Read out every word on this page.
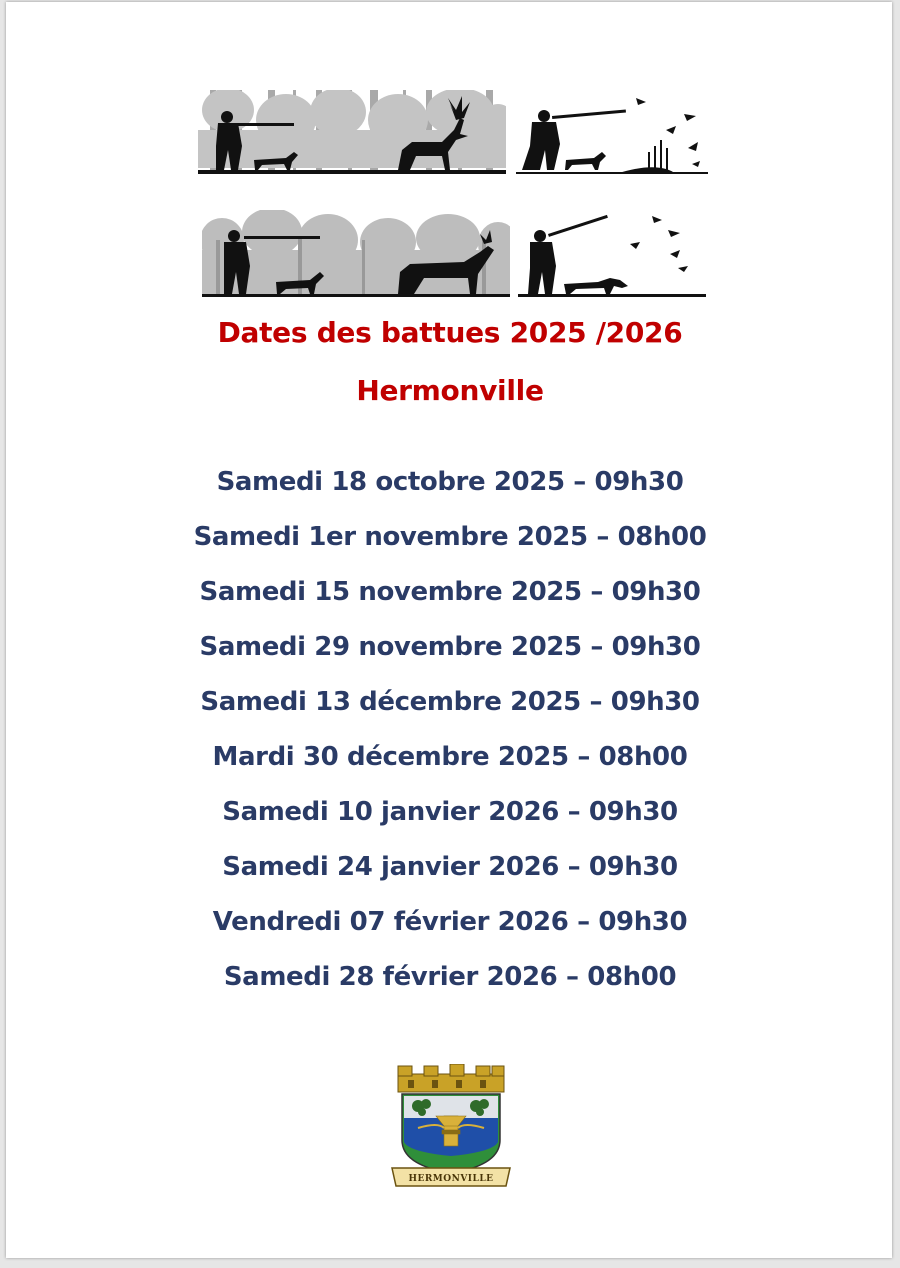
Dates des battues 2025 /2026
Hermonville
Samedi 18 octobre 2025 – 09h30
Samedi 1er novembre 2025 – 08h00
Samedi 15 novembre 2025 – 09h30
Samedi 29 novembre 2025 – 09h30
Samedi 13 décembre 2025 – 09h30
Mardi 30 décembre 2025 – 08h00
Samedi 10 janvier 2026 – 09h30
Samedi 24 janvier 2026 – 09h30
Vendredi 07 février 2026 – 09h30
Samedi 28 février 2026 – 08h00
HERMONVILLE
